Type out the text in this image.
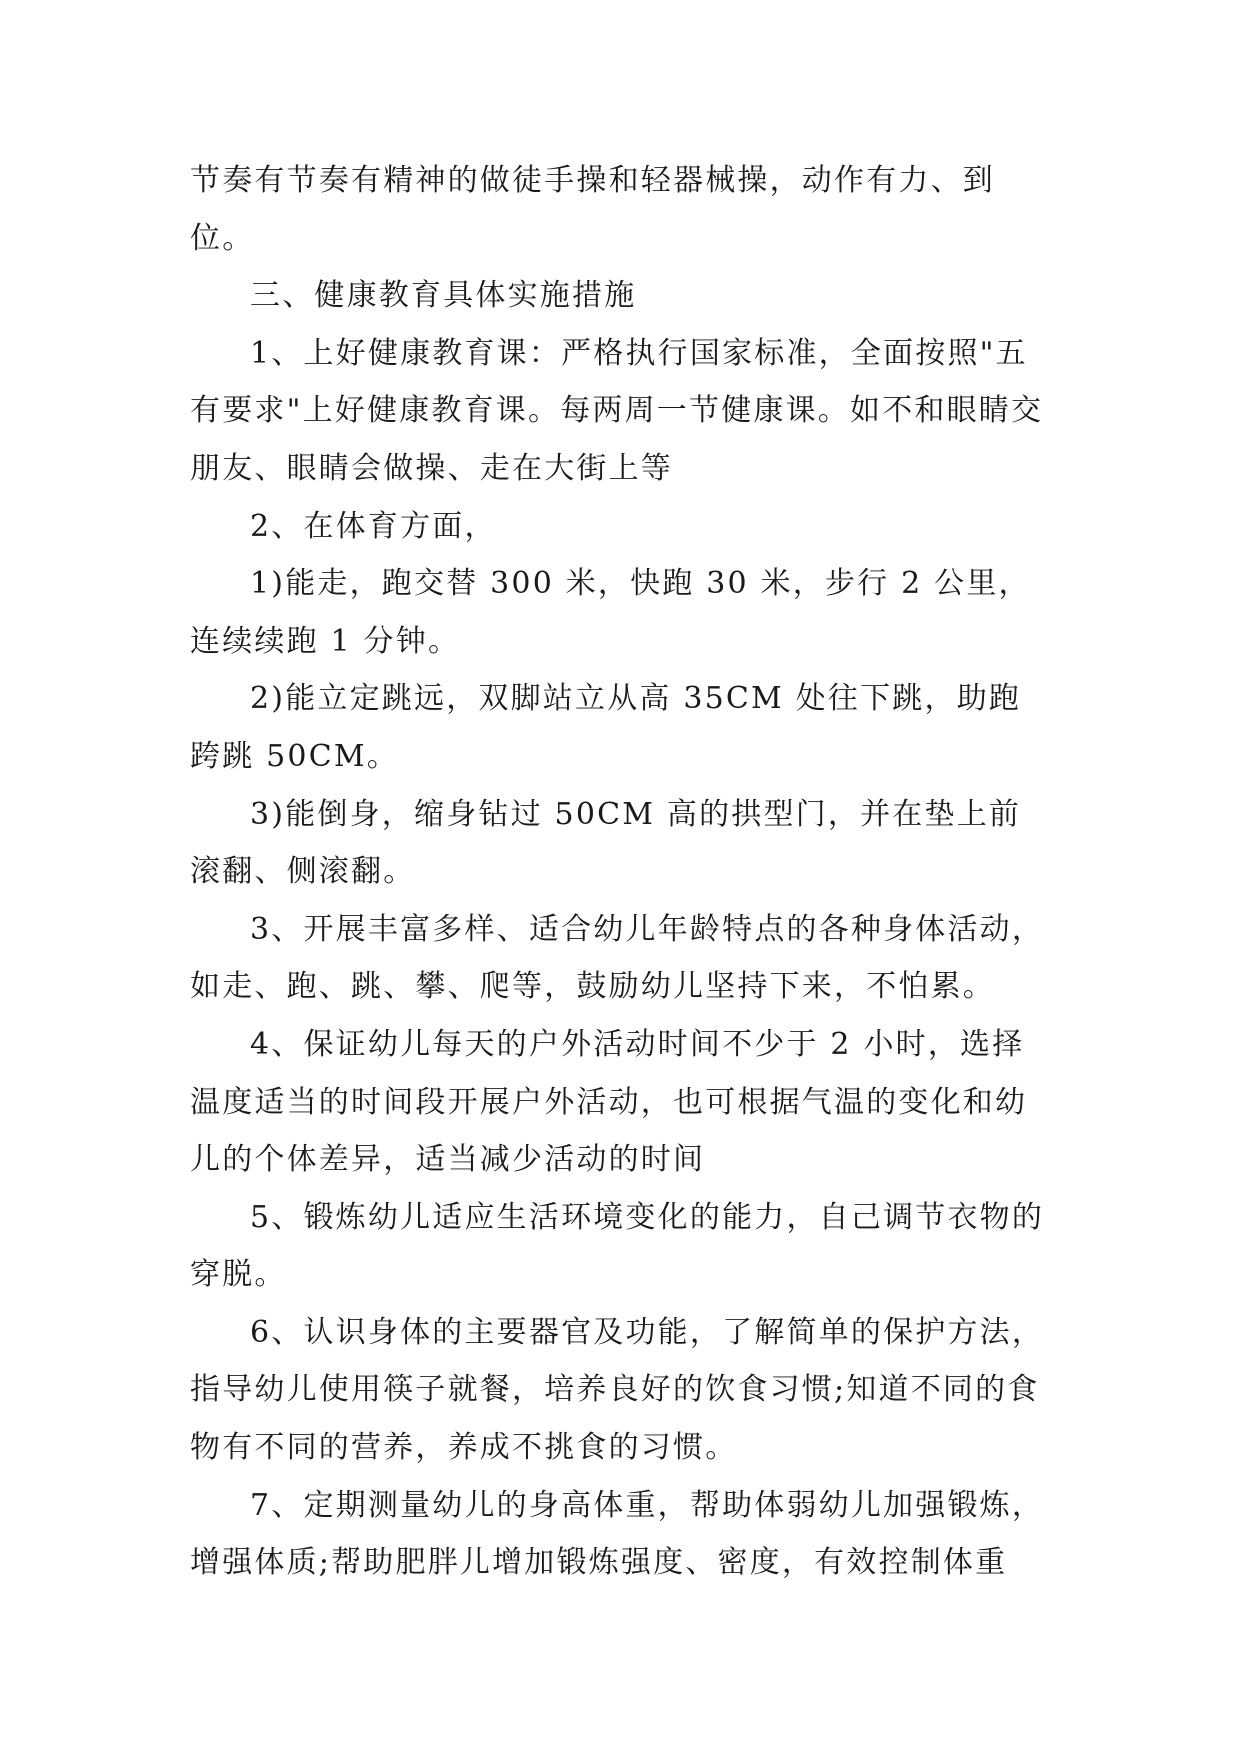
节奏有节奏有精神的做徒手操和轻器械操，动作有力、到位。

三、健康教育具体实施措施

1、上好健康教育课：严格执行国家标准，全面按照"五有要求"上好健康教育课。每两周一节健康课。如不和眼睛交朋友、眼睛会做操、走在大街上等

2、在体育方面，

1)能走，跑交替 300 米，快跑 30 米，步行 2 公里，连续续跑 1 分钟。

2)能立定跳远，双脚站立从高 35CM 处往下跳，助跑跨跳 50CM。

3)能倒身，缩身钻过 50CM 高的拱型门，并在垫上前滚翻、侧滚翻。

3、开展丰富多样、适合幼儿年龄特点的各种身体活动，如走、跑、跳、攀、爬等，鼓励幼儿坚持下来，不怕累。

4、保证幼儿每天的户外活动时间不少于 2 小时，选择温度适当的时间段开展户外活动，也可根据气温的变化和幼儿的个体差异，适当减少活动的时间

5、锻炼幼儿适应生活环境变化的能力，自己调节衣物的穿脱。

6、认识身体的主要器官及功能，了解简单的保护方法，指导幼儿使用筷子就餐，培养良好的饮食习惯;知道不同的食物有不同的营养，养成不挑食的习惯。

7、定期测量幼儿的身高体重，帮助体弱幼儿加强锻炼，增强体质;帮助肥胖儿增加锻炼强度、密度，有效控制体重
